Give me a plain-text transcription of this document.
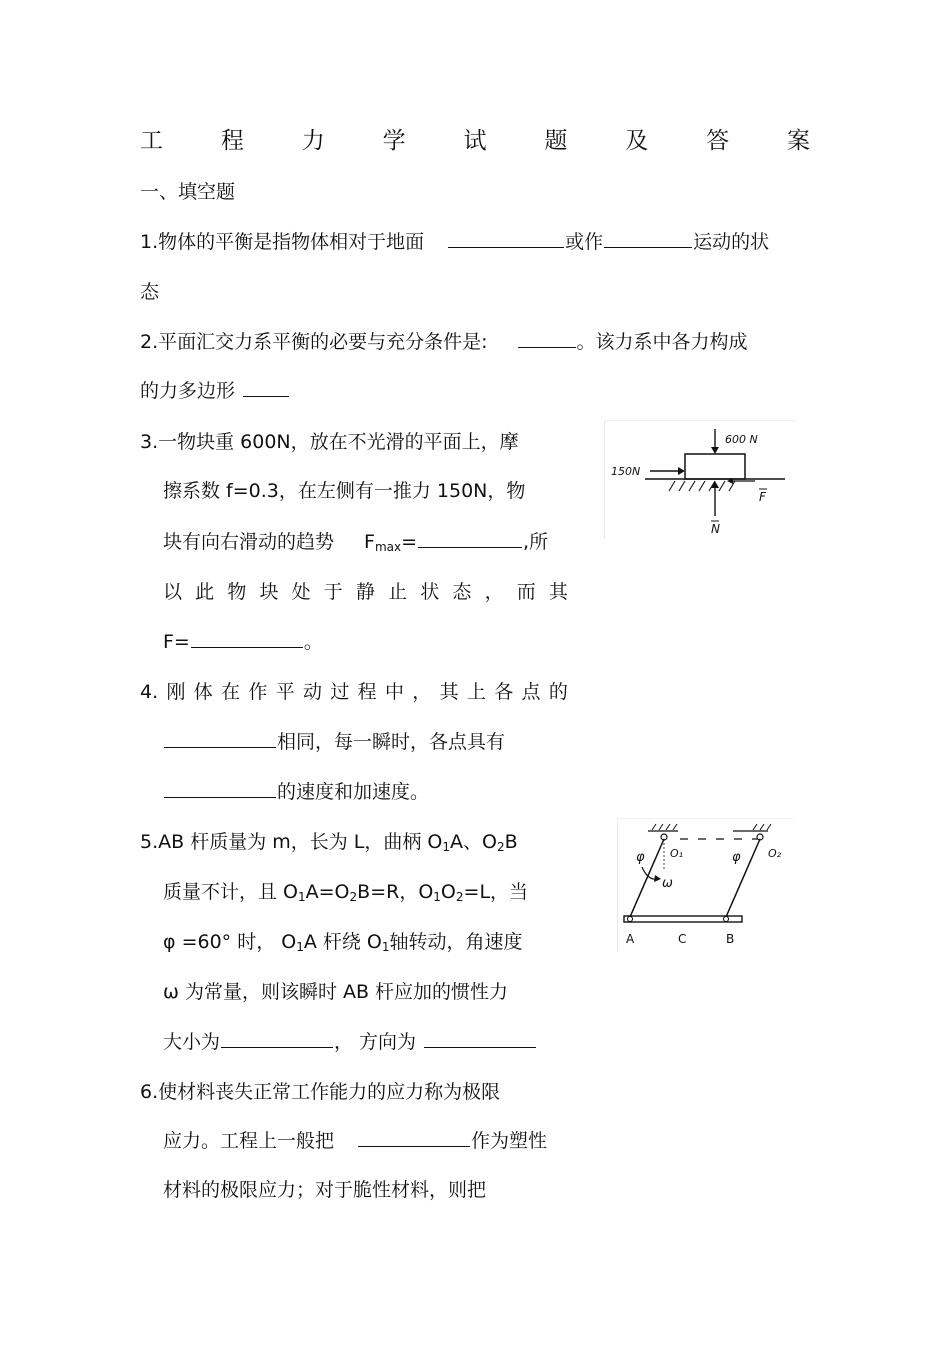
工	程	力	学	试	题	及	答	案
一、填空题
1.物体的平衡是指物体相对于地面	或作	运动的状
态
2.平面汇交力系平衡的必要与充分条件是:	。该力系中各力构成
的力多边形
3.一物块重 600N，放在不光滑的平面上，摩
擦系数 f=0.3，在左侧有一推力 150N，物
块有向右滑动的趋势 F max =	,所
以 此 物 块 处 于 静 止 状 态 ， 而 其
F=	。
600 N
150N
F
N
4. 刚 体 在 作 平 动 过 程 中 ， 其 上 各 点 的
相同，每一瞬时，各点具有
的速度和加速度。
5.AB 杆质量为 m，长为 L，曲柄 O 1 A、O 2 B
质量不计，且 O 1 A=O 2 B=R，O 1 O 2 =L，当
φ =60° 时， O 1 A 杆绕 O 1 轴转动，角速度
ω 为常量，则该瞬时 AB 杆应加的惯性力
大小为	， 方向为
φ O₁
ω
φ O₂
A	C	B
6.使材料丧失正常工作能力的应力称为极限
应力。工程上一般把	作为塑性
材料的极限应力；对于脆性材料，则把
